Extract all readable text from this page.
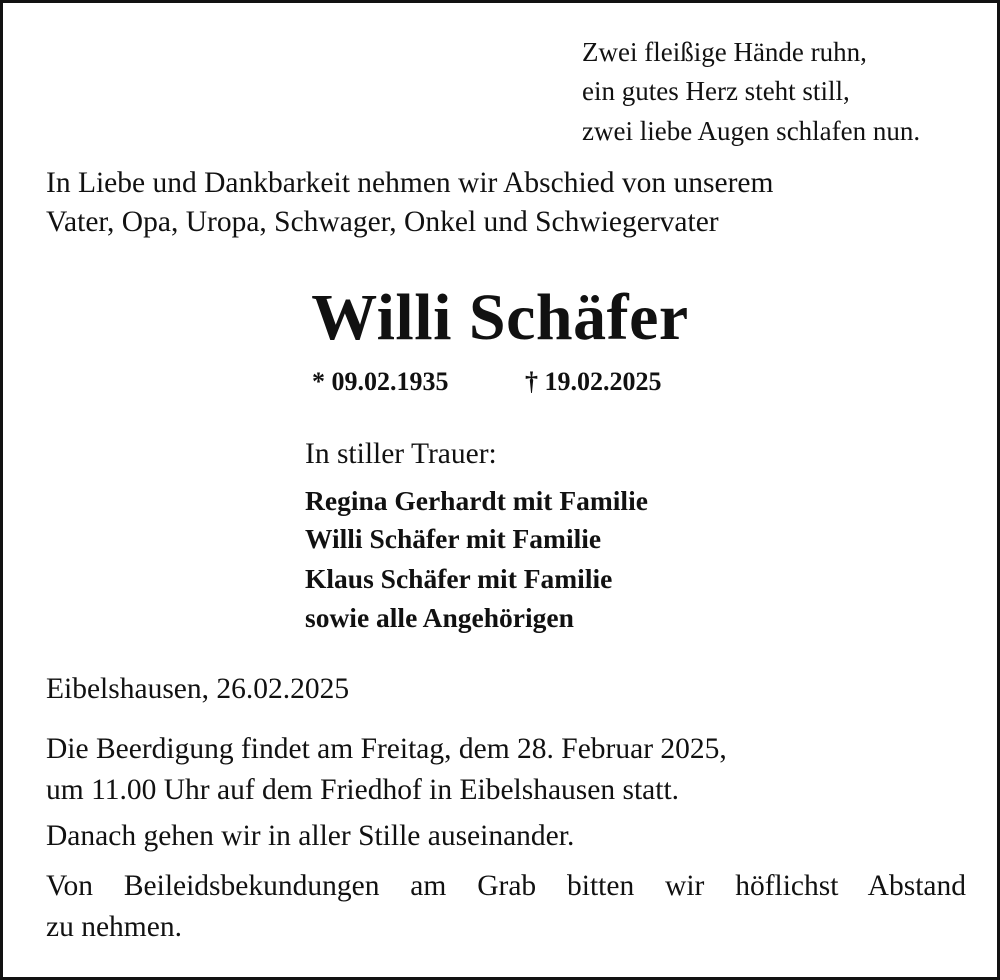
Zwei fleißige Hände ruhn,
ein gutes Herz steht still,
zwei liebe Augen schlafen nun.
In Liebe und Dankbarkeit nehmen wir Abschied von unserem
Vater, Opa, Uropa, Schwager, Onkel und Schwiegervater
Willi Schäfer
* 09.02.1935	† 19.02.2025
In stiller Trauer:
Regina Gerhardt mit Familie
Willi Schäfer mit Familie
Klaus Schäfer mit Familie
sowie alle Angehörigen
Eibelshausen, 26.02.2025
Die Beerdigung findet am Freitag, dem 28. Februar 2025,
um 11.00 Uhr auf dem Friedhof in Eibelshausen statt.
Danach gehen wir in aller Stille auseinander.
Von Beileidsbekundungen am Grab bitten wir höflichst Abstand
zu nehmen.
